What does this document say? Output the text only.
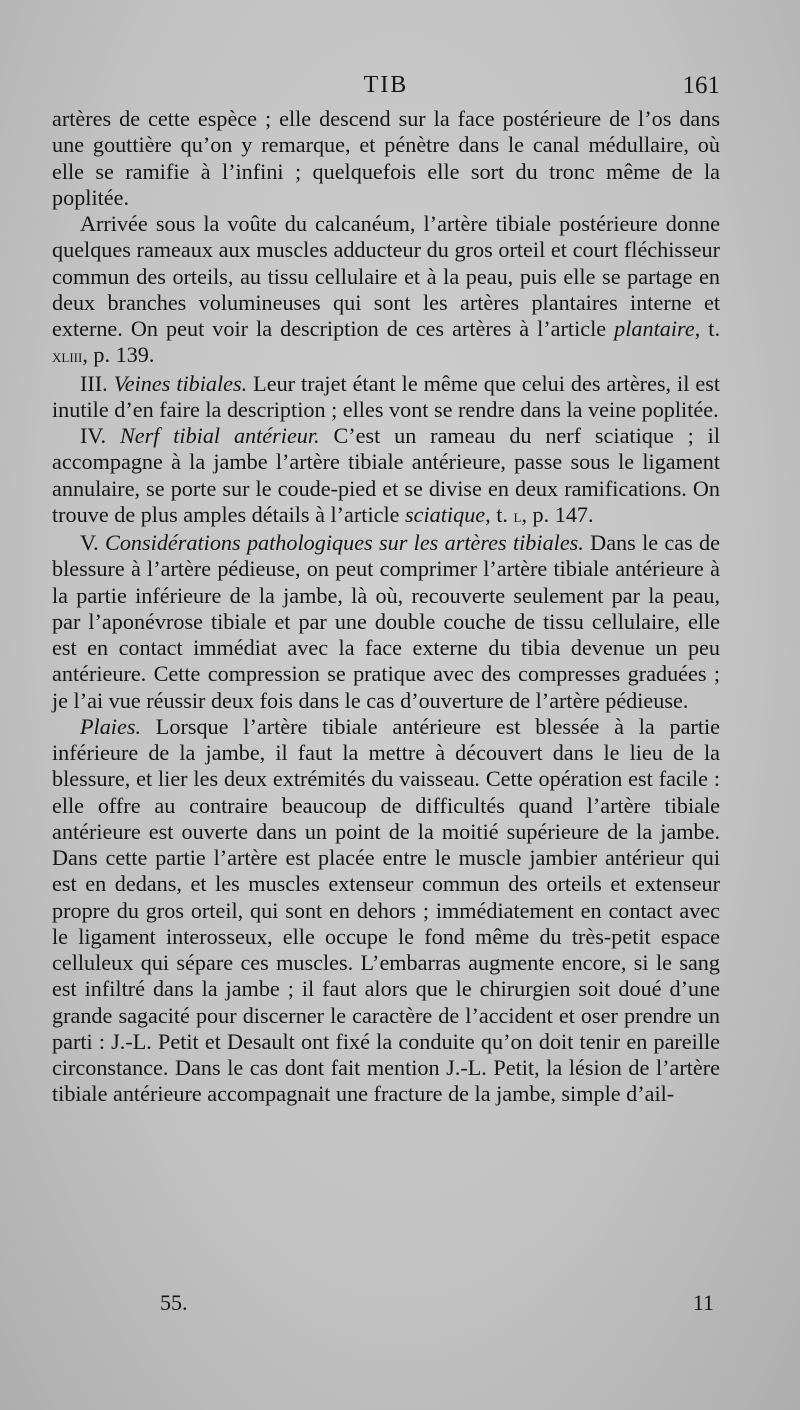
TIB	161

artères de cette espèce ; elle descend sur la face postérieure de l’os dans une gouttière qu’on y remarque, et pénètre dans le canal médullaire, où elle se ramifie à l’infini ; quelquefois elle sort du tronc même de la poplitée.

Arrivée sous la voûte du calcanéum, l’artère tibiale postérieure donne quelques rameaux aux muscles adducteur du gros orteil et court fléchisseur commun des orteils, au tissu cellulaire et à la peau, puis elle se partage en deux branches volumineuses qui sont les artères plantaires interne et externe. On peut voir la description de ces artères à l’article plantaire, t. xliii, p. 139.

III. Veines tibiales. Leur trajet étant le même que celui des artères, il est inutile d’en faire la description ; elles vont se rendre dans la veine poplitée.

IV. Nerf tibial antérieur. C’est un rameau du nerf sciatique ; il accompagne à la jambe l’artère tibiale antérieure, passe sous le ligament annulaire, se porte sur le coude-pied et se divise en deux ramifications. On trouve de plus amples détails à l’article sciatique, t. l, p. 147.

V. Considérations pathologiques sur les artères tibiales. Dans le cas de blessure à l’artère pédieuse, on peut comprimer l’artère tibiale antérieure à la partie inférieure de la jambe, là où, recouverte seulement par la peau, par l’aponévrose tibiale et par une double couche de tissu cellulaire, elle est en contact immédiat avec la face externe du tibia devenue un peu antérieure. Cette compression se pratique avec des compresses graduées ; je l’ai vue réussir deux fois dans le cas d’ouverture de l’artère pédieuse.

Plaies. Lorsque l’artère tibiale antérieure est blessée à la partie inférieure de la jambe, il faut la mettre à découvert dans le lieu de la blessure, et lier les deux extrémités du vaisseau. Cette opération est facile : elle offre au contraire beaucoup de difficultés quand l’artère tibiale antérieure est ouverte dans un point de la moitié supérieure de la jambe. Dans cette partie l’artère est placée entre le muscle jambier antérieur qui est en dedans, et les muscles extenseur commun des orteils et extenseur propre du gros orteil, qui sont en dehors ; immédiatement en contact avec le ligament interosseux, elle occupe le fond même du très-petit espace celluleux qui sépare ces muscles. L’embarras augmente encore, si le sang est infiltré dans la jambe ; il faut alors que le chirurgien soit doué d’une grande sagacité pour discerner le caractère de l’accident et oser prendre un parti : J.-L. Petit et Desault ont fixé la conduite qu’on doit tenir en pareille circonstance. Dans le cas dont fait mention J.-L. Petit, la lésion de l’artère tibiale antérieure accompagnait une fracture de la jambe, simple d’ail-

55.	11
